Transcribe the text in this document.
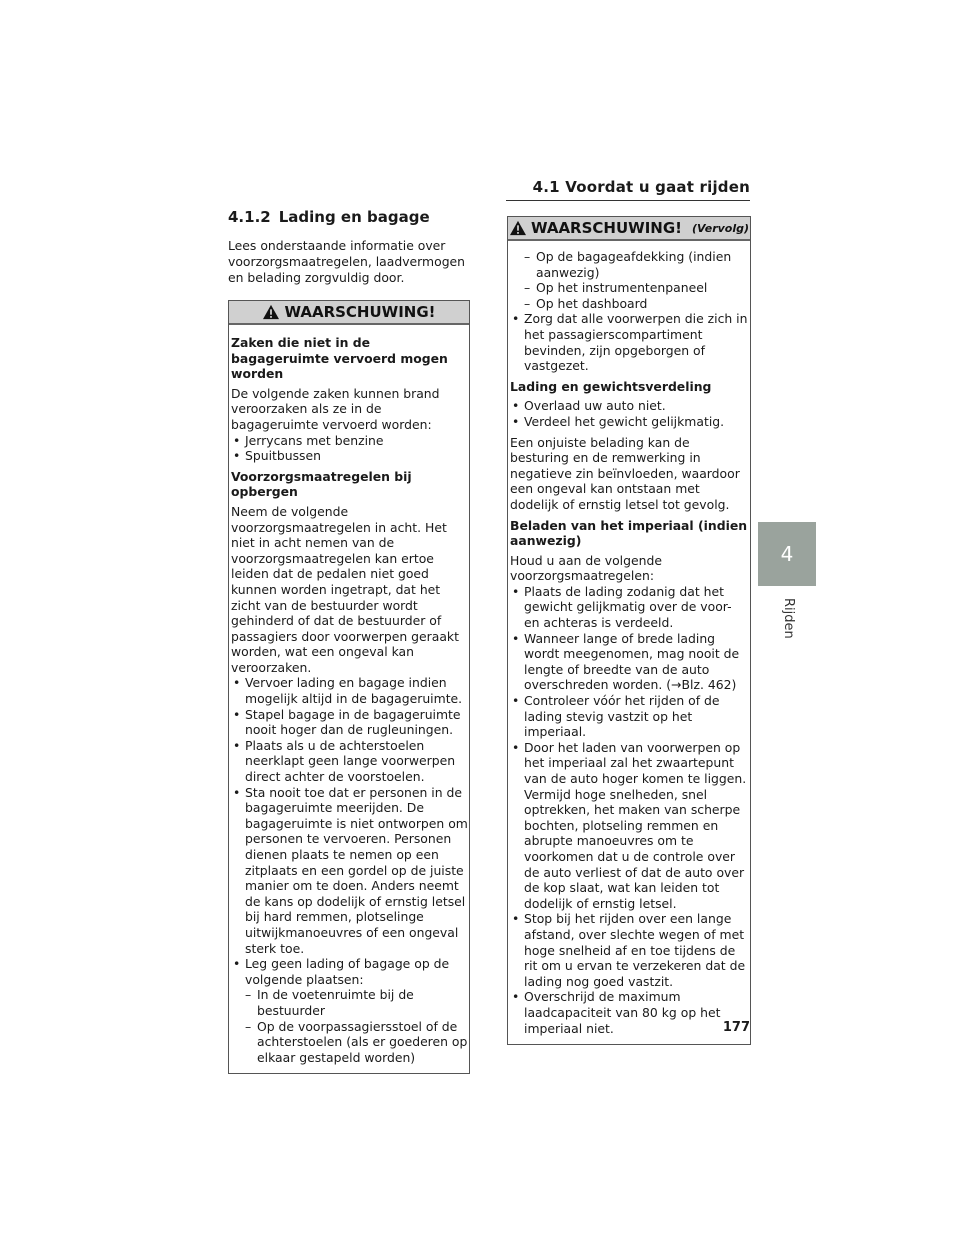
4.1 Voordat u gaat rijden
4
Rijden
4.1.2 Lading en bagage

Lees onderstaande informatie over voorzorgsmaatregelen, laadvermogen en belading zorgvuldig door.

WAARSCHUWING!
Zaken die niet in de bagageruimte vervoerd mogen worden

De volgende zaken kunnen brand veroorzaken als ze in de bagageruimte vervoerd worden:

• Jerrycans met benzine
• Spuitbussen
Voorzorgsmaatregelen bij opbergen

Neem de volgende voorzorgsmaatregelen in acht. Het niet in acht nemen van de voorzorgsmaatregelen kan ertoe leiden dat de pedalen niet goed kunnen worden ingetrapt, dat het zicht van de bestuurder wordt gehinderd of dat de bestuurder of passagiers door voorwerpen geraakt worden, wat een ongeval kan veroorzaken.

• Vervoer lading en bagage indien mogelijk altijd in de bagageruimte.
• Stapel bagage in de bagageruimte nooit hoger dan de rugleuningen.
• Plaats als u de achterstoelen neerklapt geen lange voorwerpen direct achter de voorstoelen.
• Sta nooit toe dat er personen in de bagageruimte meerijden. De bagageruimte is niet ontworpen om personen te vervoeren. Personen dienen plaats te nemen op een zitplaats en een gordel op de juiste manier om te doen. Anders neemt de kans op dodelijk of ernstig letsel bij hard remmen, plotselinge uitwijkmanoeuvres of een ongeval sterk toe.
• Leg geen lading of bagage op de volgende plaatsen:
– In de voetenruimte bij de bestuurder
– Op de voorpassagiersstoel of de achterstoelen (als er goederen op elkaar gestapeld worden)
WAARSCHUWING! (Vervolg)
– Op de bagageafdekking (indien aanwezig)
– Op het instrumentenpaneel
– Op het dashboard
• Zorg dat alle voorwerpen die zich in het passagierscompartiment bevinden, zijn opgeborgen of vastgezet.
Lading en gewichtsverdeling
• Overlaad uw auto niet.
• Verdeel het gewicht gelijkmatig.

Een onjuiste belading kan de besturing en de remwerking in negatieve zin beïnvloeden, waardoor een ongeval kan ontstaan met dodelijk of ernstig letsel tot gevolg.

Beladen van het imperiaal (indien aanwezig)

Houd u aan de volgende voorzorgsmaatregelen:

• Plaats de lading zodanig dat het gewicht gelijkmatig over de voor- en achteras is verdeeld.
• Wanneer lange of brede lading wordt meegenomen, mag nooit de lengte of breedte van de auto overschreden worden. (→Blz. 462)
• Controleer vóór het rijden of de lading stevig vastzit op het imperiaal.
• Door het laden van voorwerpen op het imperiaal zal het zwaartepunt van de auto hoger komen te liggen. Vermijd hoge snelheden, snel optrekken, het maken van scherpe bochten, plotseling remmen en abrupte manoeuvres om te voorkomen dat u de controle over de auto verliest of dat de auto over de kop slaat, wat kan leiden tot dodelijk of ernstig letsel.
• Stop bij het rijden over een lange afstand, over slechte wegen of met hoge snelheid af en toe tijdens de rit om u ervan te verzekeren dat de lading nog goed vastzit.
• Overschrijd de maximum laadcapaciteit van 80 kg op het imperiaal niet.	177
